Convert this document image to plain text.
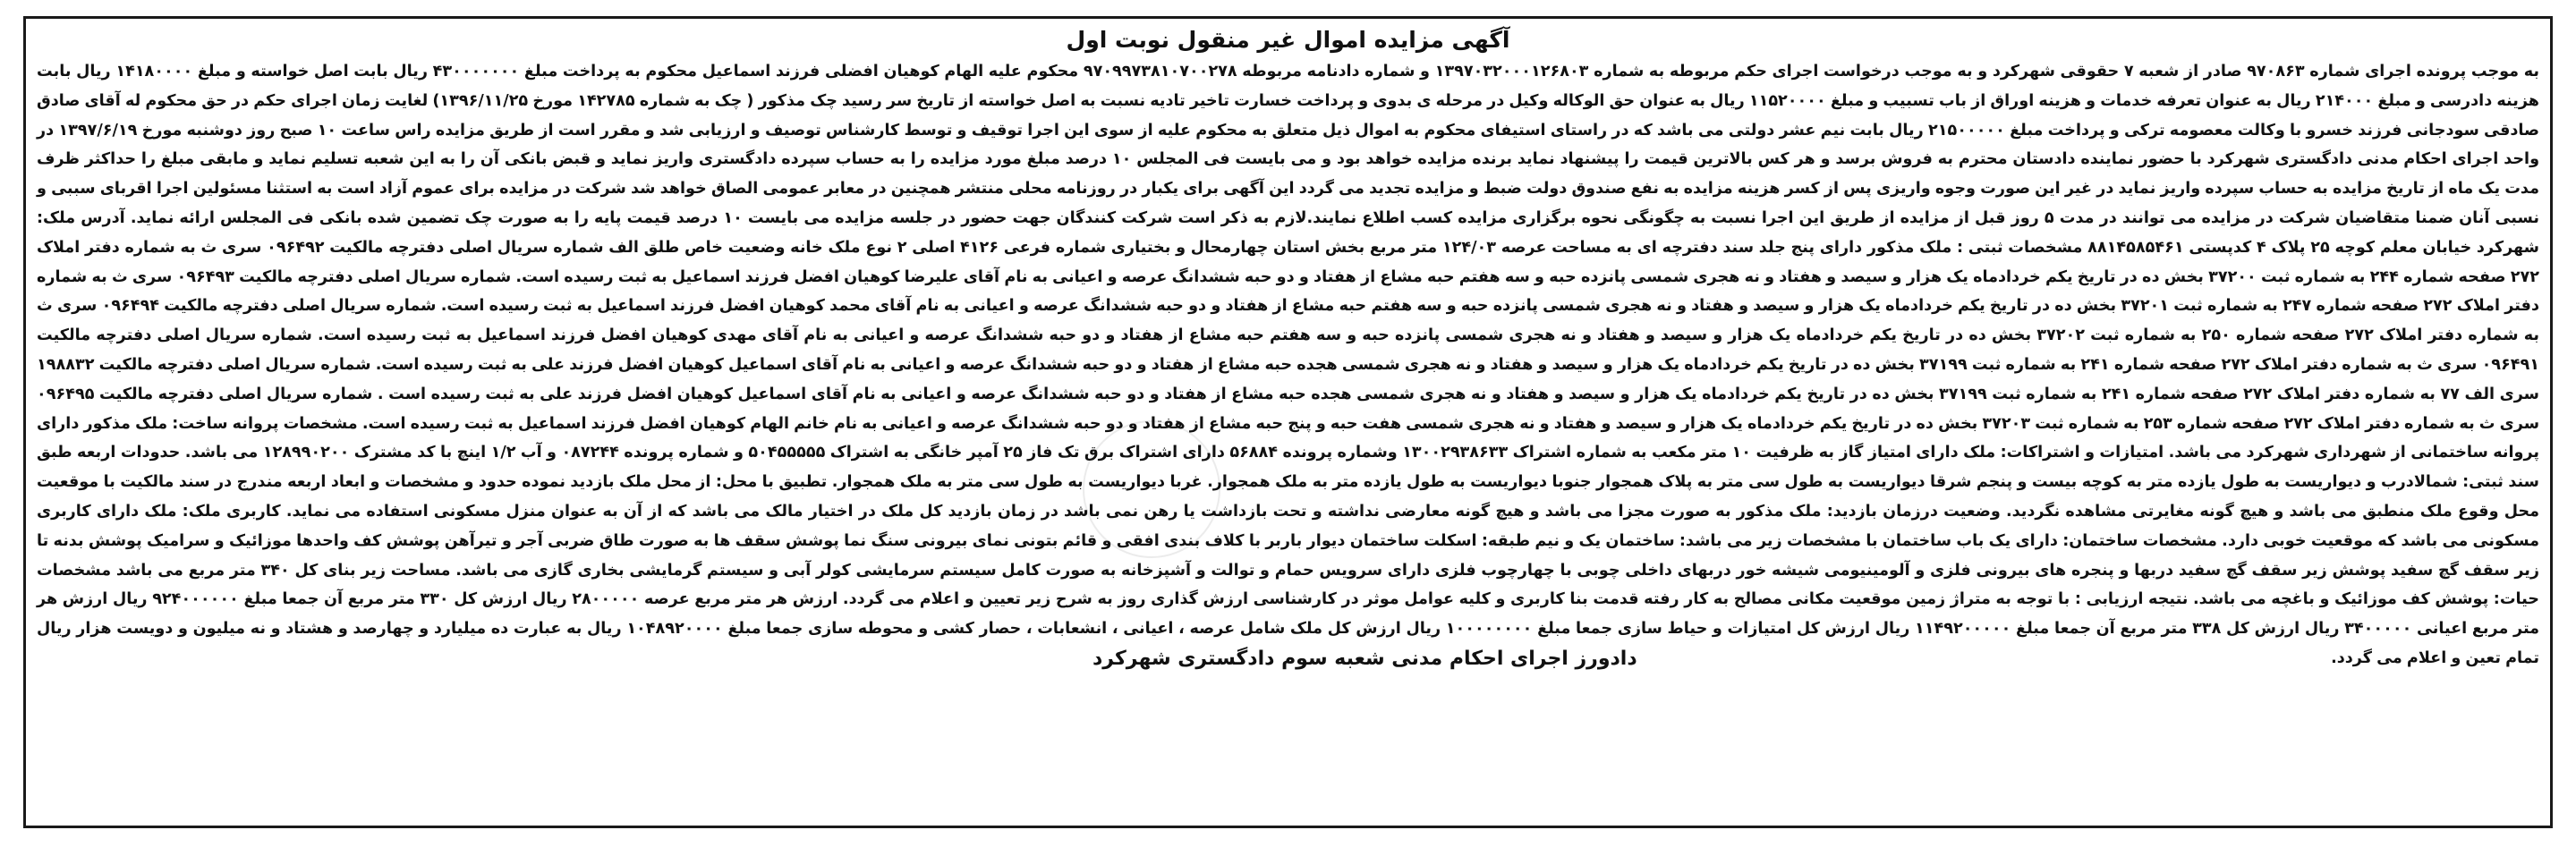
آگهی مزایده اموال غیر منقول نوبت اول

به موجب پرونده اجرای شماره ۹۷۰۸۶۳ صادر از شعبه ۷ حقوقی شهرکرد و به موجب درخواست اجرای حکم مربوطه به شماره ۱۳۹۷۰۳۲۰۰۰۱۲۶۸۰۳ و شماره دادنامه مربوطه ۹۷۰۹۹۷۳۸۱۰۷۰۰۲۷۸ محکوم علیه الهام کوهیان افضلی فرزند اسماعیل محکوم به پرداخت مبلغ ۴۳۰۰۰۰۰۰۰ ریال بابت اصل خواسته و مبلغ ۱۴۱۸۰۰۰۰ ریال بابت هزینه دادرسی و مبلغ ۲۱۴۰۰۰ ریال به عنوان تعرفه خدمات و هزینه اوراق از باب تسبیب و مبلغ ۱۱۵۲۰۰۰۰ ریال به عنوان حق الوکاله وکیل در مرحله ی بدوی و پرداخت خسارت تاخیر تادیه نسبت به اصل خواسته از تاریخ سر رسید چک مذکور ( چک به شماره ۱۴۲۷۸۵ مورخ ۱۳۹۶/۱۱/۲۵) لغایت زمان اجرای حکم در حق محکوم له آقای صادق صادقی سودجانی فرزند خسرو با وکالت معصومه ترکی و پرداخت مبلغ ۲۱۵۰۰۰۰۰ ریال بابت نیم عشر دولتی می باشد که در راستای استیفای محکوم به اموال ذیل متعلق به محکوم علیه از سوی این اجرا توقیف و توسط کارشناس توصیف و ارزیابی شد و مقرر است از طریق مزایده راس ساعت ۱۰ صبح روز دوشنبه مورخ ۱۳۹۷/۶/۱۹ در واحد اجرای احکام مدنی دادگستری شهرکرد با حضور نماینده دادستان محترم به فروش برسد و هر کس بالاترین قیمت را پیشنهاد نماید برنده مزایده خواهد بود و می بایست فی المجلس ۱۰ درصد مبلغ مورد مزایده را به حساب سپرده دادگستری واریز نماید و قبض بانکی آن را به این شعبه تسلیم نماید و مابقی مبلغ را حداکثر ظرف مدت یک ماه از تاریخ مزایده به حساب سپرده واریز نماید در غیر این صورت وجوه واریزی پس از کسر هزینه مزایده به نفع صندوق دولت ضبط و مزایده تجدید می گردد این آگهی برای یکبار در روزنامه محلی منتشر همچنین در معابر عمومی الصاق خواهد شد شرکت در مزایده برای عموم آزاد است به استثنا مسئولین اجرا اقربای سببی و نسبی آنان ضمنا متقاضیان شرکت در مزایده می توانند در مدت ۵ روز قبل از مزایده از طریق این اجرا نسبت به چگونگی نحوه برگزاری مزایده کسب اطلاع نمایند.لازم به ذکر است شرکت کنندگان جهت حضور در جلسه مزایده می بایست ۱۰ درصد قیمت پایه را به صورت چک تضمین شده بانکی فی المجلس ارائه نماید. آدرس ملک: شهرکرد خیابان معلم کوچه ۲۵ پلاک ۴ کدپستی ۸۸۱۴۵۸۵۴۶۱ مشخصات ثبتی : ملک مذکور دارای پنج جلد سند دفترچه ای به مساحت عرصه ۱۲۴/۰۳ متر مربع بخش استان چهارمحال و بختیاری شماره فرعی ۴۱۲۶ اصلی ۲ نوع ملک خانه وضعیت خاص طلق الف شماره سریال اصلی دفترچه مالکیت ۰۹۶۴۹۲ سری ث به شماره دفتر املاک ۲۷۲ صفحه شماره ۲۴۴ به شماره ثبت ۳۷۲۰۰ بخش ده در تاریخ یکم خردادماه یک هزار و سیصد و هفتاد و نه هجری شمسی پانزده حبه و سه هفتم حبه مشاع از هفتاد و دو حبه ششدانگ عرصه و اعیانی به نام آقای علیرضا کوهیان افضل فرزند اسماعیل به ثبت رسیده است. شماره سریال اصلی دفترچه مالکیت ۰۹۶۴۹۳ سری ث به شماره دفتر املاک ۲۷۲ صفحه شماره ۲۴۷ به شماره ثبت ۳۷۲۰۱ بخش ده در تاریخ یکم خردادماه یک هزار و سیصد و هفتاد و نه هجری شمسی پانزده حبه و سه هفتم حبه مشاع از هفتاد و دو حبه ششدانگ عرصه و اعیانی به نام آقای محمد کوهیان افضل فرزند اسماعیل به ثبت رسیده است. شماره سریال اصلی دفترچه مالکیت ۰۹۶۴۹۴ سری ث به شماره دفتر املاک ۲۷۲ صفحه شماره ۲۵۰ به شماره ثبت ۳۷۲۰۲ بخش ده در تاریخ یکم خردادماه یک هزار و سیصد و هفتاد و نه هجری شمسی پانزده حبه و سه هفتم حبه مشاع از هفتاد و دو حبه ششدانگ عرصه و اعیانی به نام آقای مهدی کوهیان افضل فرزند اسماعیل به ثبت رسیده است. شماره سریال اصلی دفترچه مالکیت ۰۹۶۴۹۱ سری ث به شماره دفتر املاک ۲۷۲ صفحه شماره ۲۴۱ به شماره ثبت ۳۷۱۹۹ بخش ده در تاریخ یکم خردادماه یک هزار و سیصد و هفتاد و نه هجری شمسی هجده حبه مشاع از هفتاد و دو حبه ششدانگ عرصه و اعیانی به نام آقای اسماعیل کوهیان افضل فرزند علی به ثبت رسیده است. شماره سریال اصلی دفترچه مالکیت ۱۹۸۸۳۲ سری الف ۷۷ به شماره دفتر املاک ۲۷۲ صفحه شماره ۲۴۱ به شماره ثبت ۳۷۱۹۹ بخش ده در تاریخ یکم خردادماه یک هزار و سیصد و هفتاد و نه هجری شمسی هجده حبه مشاع از هفتاد و دو حبه ششدانگ عرصه و اعیانی به نام آقای اسماعیل کوهیان افضل فرزند علی به ثبت رسیده است . شماره سریال اصلی دفترچه مالکیت ۰۹۶۴۹۵ سری ث به شماره دفتر املاک ۲۷۲ صفحه شماره ۲۵۳ به شماره ثبت ۳۷۲۰۳ بخش ده در تاریخ یکم خردادماه یک هزار و سیصد و هفتاد و نه هجری شمسی هفت حبه و پنج حبه مشاع از هفتاد و دو حبه ششدانگ عرصه و اعیانی به نام خانم الهام کوهیان افضل فرزند اسماعیل به ثبت رسیده است. مشخصات پروانه ساخت: ملک مذکور دارای پروانه ساختمانی از شهرداری شهرکرد می باشد. امتیازات و اشتراکات: ملک دارای امتیاز گاز به ظرفیت ۱۰ متر مکعب به شماره اشتراک ۱۳۰۰۲۹۳۸۶۳۳ وشماره پرونده ۵۶۸۸۴ دارای اشتراک برق تک فاز ۲۵ آمپر خانگی به اشتراک ۵۰۴۵۵۵۵۵ و شماره پرونده ۰۸۷۲۴۴ و آب ۱/۲ اینچ با کد مشترک ۱۲۸۹۹۰۲۰۰ می باشد. حدودات اربعه طبق سند ثبتی: شمالادرب و دیواریست به طول یازده متر به کوچه بیست و پنجم شرقا دیواریست به طول سی متر به پلاک همجوار جنوبا دیواریست به طول یازده متر به ملک همجوار. غربا دیواریست به طول سی متر به ملک همجوار. تطبیق با محل: از محل ملک بازدید نموده حدود و مشخصات و ابعاد اربعه مندرج در سند مالکیت با موقعیت محل وقوع ملک منطبق می باشد و هیچ گونه مغایرتی مشاهده نگردید. وضعیت درزمان بازدید: ملک مذکور به صورت مجزا می باشد و هیچ گونه معارضی نداشته و تحت بازداشت یا رهن نمی باشد در زمان بازدید کل ملک در اختیار مالک می باشد که از آن به عنوان منزل مسکونی استفاده می نماید. کاربری ملک: ملک دارای کاربری مسکونی می باشد که موقعیت خوبی دارد. مشخصات ساختمان: دارای یک باب ساختمان با مشخصات زیر می باشد: ساختمان یک و نیم طبقه: اسکلت ساختمان دیوار باربر با کلاف بندی افقی و قائم بتونی نمای بیرونی سنگ نما پوشش سقف ها به صورت طاق ضربی آجر و تیرآهن پوشش کف واحدها موزائیک و سرامیک پوشش بدنه تا زیر سقف گچ سفید پوشش زیر سقف گچ سفید دربها و پنجره های بیرونی فلزی و آلومینیومی شیشه خور دربهای داخلی چوبی با چهارچوب فلزی دارای سرویس حمام و توالت و آشپزخانه به صورت کامل سیستم سرمایشی کولر آبی و سیستم گرمایشی بخاری گازی می باشد. مساحت زیر بنای کل ۳۴۰ متر مربع می باشد مشخصات حیات: پوشش کف موزائیک و باغچه می باشد. نتیجه ارزیابی : با توجه به متراژ زمین موقعیت مکانی مصالح به کار رفته قدمت بنا کاربری و کلیه عوامل موثر در کارشناسی ارزش گذاری روز به شرح زیر تعیین و اعلام می گردد. ارزش هر متر مربع عرصه ۲۸۰۰۰۰۰ ریال ارزش کل ۳۳۰ متر مربع آن جمعا مبلغ ۹۲۴۰۰۰۰۰۰ ریال ارزش هر متر مربع اعیانی ۳۴۰۰۰۰۰ ریال ارزش کل ۳۳۸ متر مربع آن جمعا مبلغ ۱۱۴۹۲۰۰۰۰۰ ریال ارزش کل امتیازات و حیاط سازی جمعا مبلغ ۱۰۰۰۰۰۰۰۰ ریال ارزش کل ملک شامل عرصه ، اعیانی ، انشعابات ، حصار کشی و محوطه سازی جمعا مبلغ ۱۰۴۸۹۲۰۰۰۰ ریال به عبارت ده میلیارد و چهارصد و هشتاد و نه میلیون و دویست هزار ریال تمام تعین و اعلام می گردد.

دادورز اجرای احکام مدنی شعبه سوم دادگستری شهرکرد
